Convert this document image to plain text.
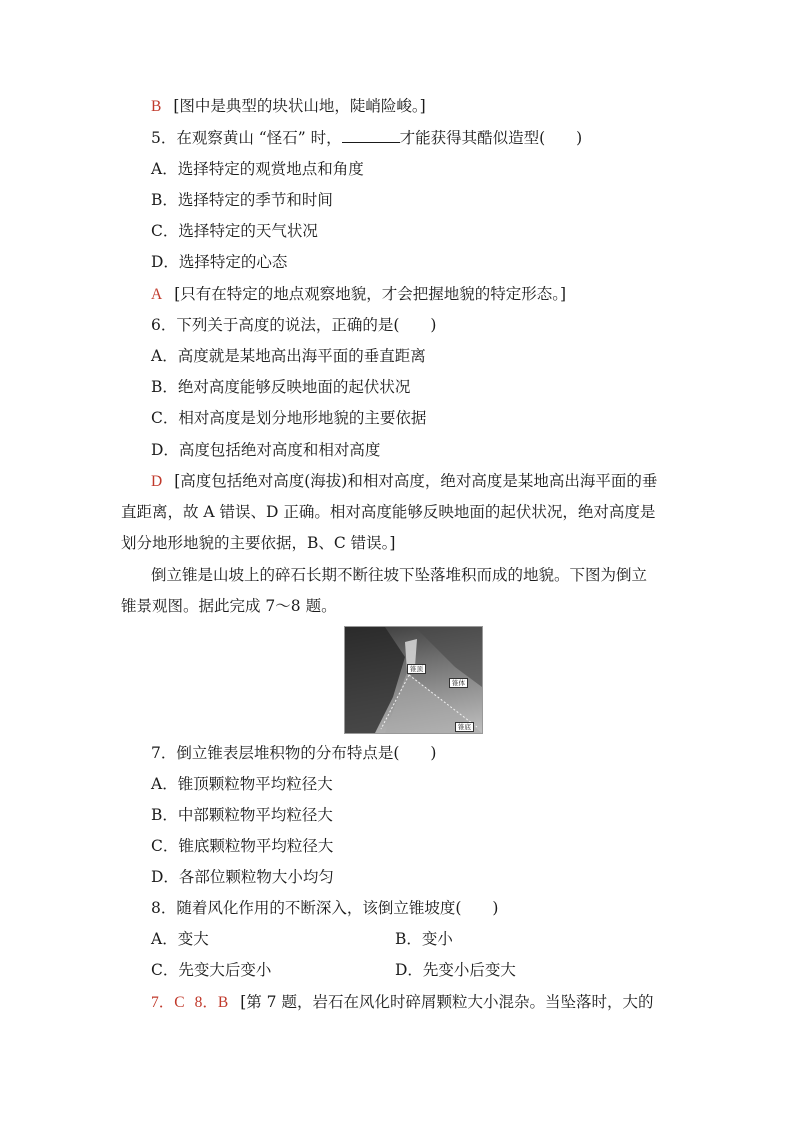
B [图中是典型的块状山地，陡峭险峻。]
5．在观察黄山 “怪石” 时，	才能获得其酷似造型(　　)
A．选择特定的观赏地点和角度
B．选择特定的季节和时间
C．选择特定的天气状况
D．选择特定的心态
A [只有在特定的地点观察地貌，才会把握地貌的特定形态。]
6．下列关于高度的说法，正确的是(　　)
A．高度就是某地高出海平面的垂直距离
B．绝对高度能够反映地面的起伏状况
C．相对高度是划分地形地貌的主要依据
D．高度包括绝对高度和相对高度
D [高度包括绝对高度(海拔)和相对高度，绝对高度是某地高出海平面的垂
直距离，故 A 错误、D 正确。相对高度能够反映地面的起伏状况，绝对高度是
划分地形地貌的主要依据，B、C 错误。]
倒立锥是山坡上的碎石长期不断往坡下坠落堆积而成的地貌。下图为倒立
锥景观图。据此完成 7～8 题。
锥顶
锥体
锥底
7．倒立锥表层堆积物的分布特点是(　　)
A．锥顶颗粒物平均粒径大
B．中部颗粒物平均粒径大
C．锥底颗粒物平均粒径大
D．各部位颗粒物大小均匀
8．随着风化作用的不断深入，该倒立锥坡度(　　)
A．变大	B．变小
C．先变大后变小	D．先变小后变大
7．C 8．B [第 7 题，岩石在风化时碎屑颗粒大小混杂。当坠落时，大的
